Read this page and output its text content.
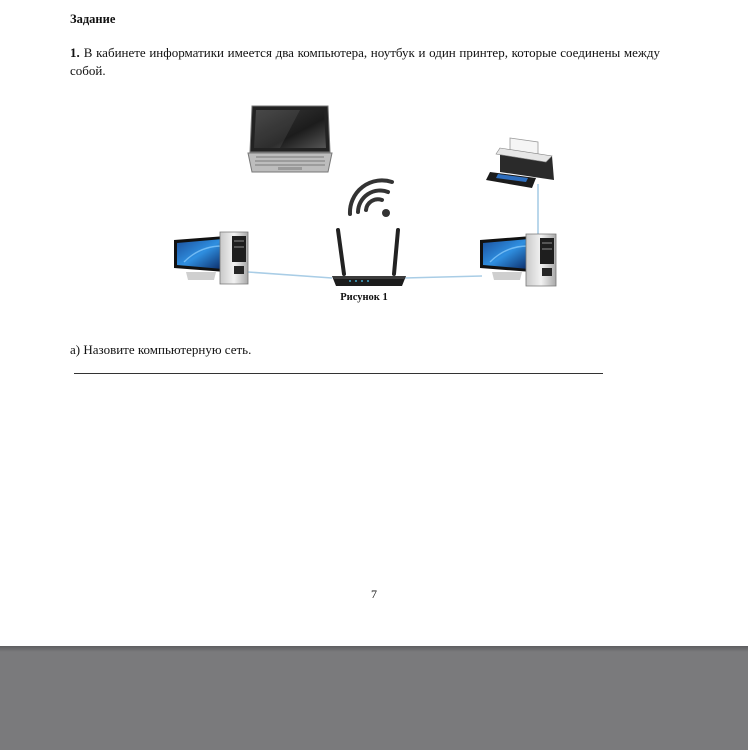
Задание
1. В кабинете информатики имеется два компьютера, ноутбук и один принтер, которые соединены между собой.
Рисунок 1
а) Назовите компьютерную сеть.
7
